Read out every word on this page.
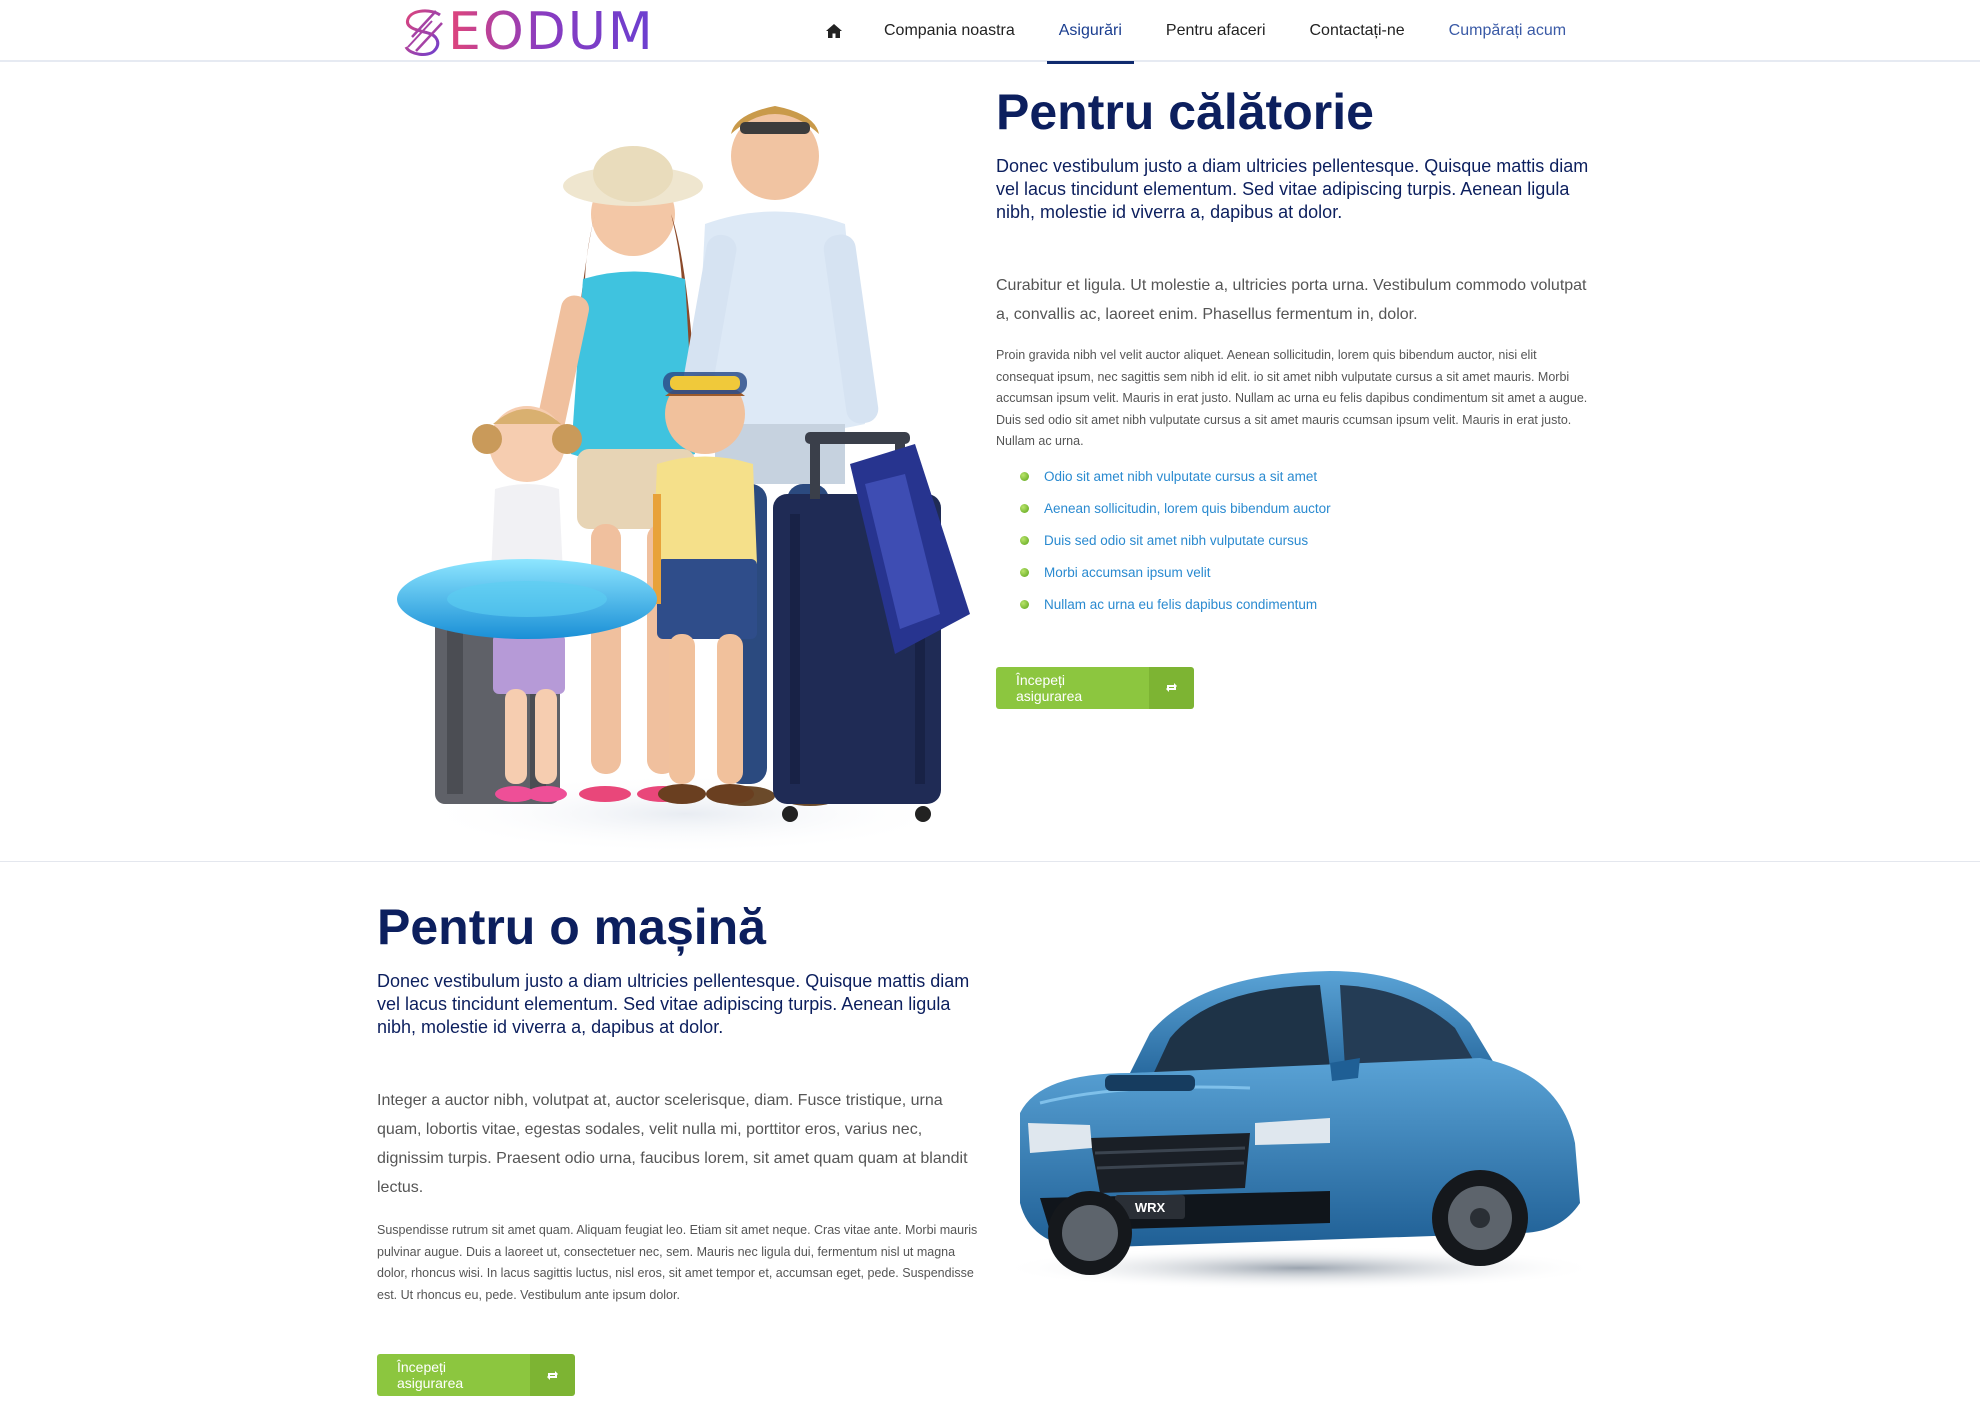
EODUM	Compania noastra	Asigurări	Pentru afaceri	Contactați-ne	Cumpărați acum
Pentru călătorie

Donec vestibulum justo a diam ultricies pellentesque. Quisque mattis diam vel lacus tincidunt elementum. Sed vitae adipiscing turpis. Aenean ligula nibh, molestie id viverra a, dapibus at dolor.

Curabitur et ligula. Ut molestie a, ultricies porta urna. Vestibulum commodo volutpat a, convallis ac, laoreet enim. Phasellus fermentum in, dolor.

Proin gravida nibh vel velit auctor aliquet. Aenean sollicitudin, lorem quis bibendum auctor, nisi elit consequat ipsum, nec sagittis sem nibh id elit. io sit amet nibh vulputate cursus a sit amet mauris. Morbi accumsan ipsum velit. Mauris in erat justo. Nullam ac urna eu felis dapibus condimentum sit amet a augue. Duis sed odio sit amet nibh vulputate cursus a sit amet mauris ccumsan ipsum velit. Mauris in erat justo. Nullam ac urna.

Odio sit amet nibh vulputate cursus a sit amet
Aenean sollicitudin, lorem quis bibendum auctor
Duis sed odio sit amet nibh vulputate cursus
Morbi accumsan ipsum velit
Nullam ac urna eu felis dapibus condimentum
Începeți asigurarea
Pentru o mașină

Donec vestibulum justo a diam ultricies pellentesque. Quisque mattis diam vel lacus tincidunt elementum. Sed vitae adipiscing turpis. Aenean ligula nibh, molestie id viverra a, dapibus at dolor.

Integer a auctor nibh, volutpat at, auctor scelerisque, diam. Fusce tristique, urna quam, lobortis vitae, egestas sodales, velit nulla mi, porttitor eros, varius nec, dignissim turpis. Praesent odio urna, faucibus lorem, sit amet quam quam at blandit lectus.

Suspendisse rutrum sit amet quam. Aliquam feugiat leo. Etiam sit amet neque. Cras vitae ante. Morbi mauris pulvinar augue. Duis a laoreet ut, consectetuer nec, sem. Mauris nec ligula dui, fermentum nisl ut magna dolor, rhoncus wisi. In lacus sagittis luctus, nisl eros, sit amet tempor et, accumsan eget, pede. Suspendisse est. Ut rhoncus eu, pede. Vestibulum ante ipsum dolor.

Începeți asigurarea
WRX
